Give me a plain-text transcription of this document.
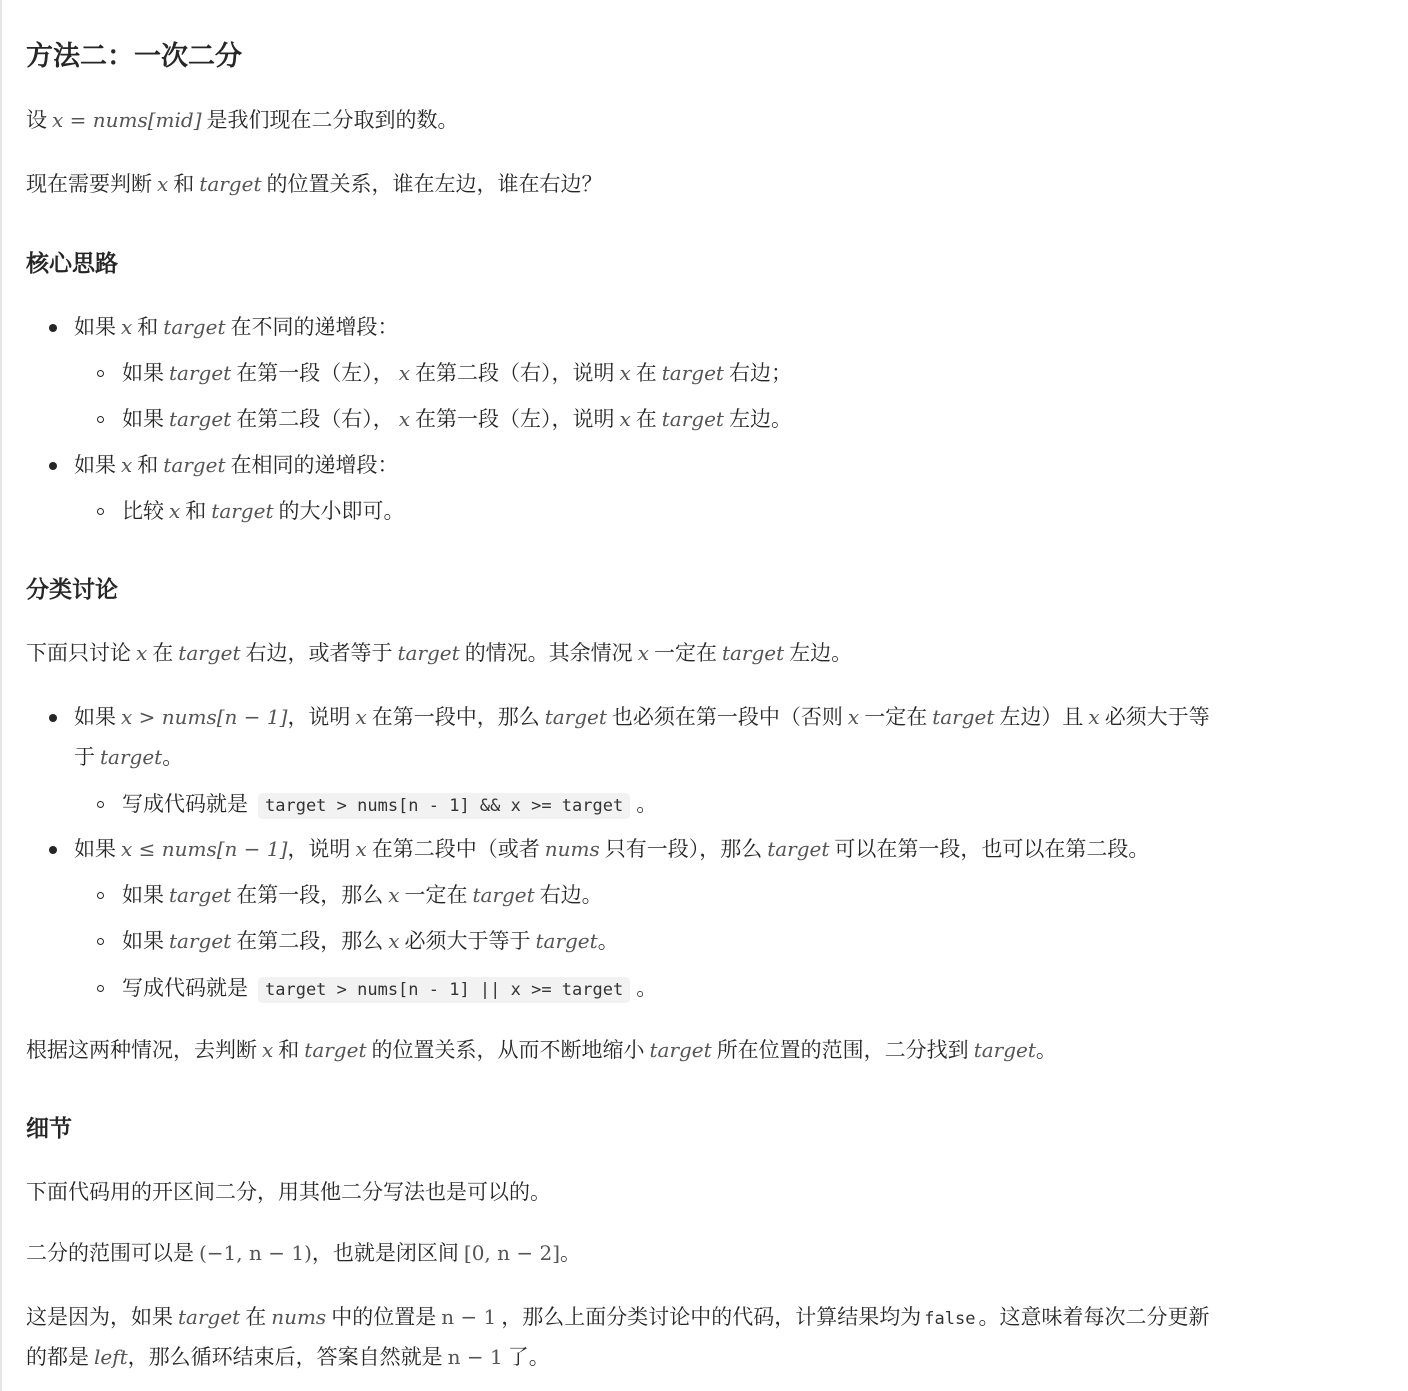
方法二：一次二分
设 x = nums[mid] 是我们现在二分取到的数。
现在需要判断 x 和 target 的位置关系，谁在左边，谁在右边？
核心思路
如果 x 和 target 在不同的递增段：
如果 target 在第一段（左）， x 在第二段（右），说明 x 在 target 右边；
如果 target 在第二段（右）， x 在第一段（左），说明 x 在 target 左边。
如果 x 和 target 在相同的递增段：
比较 x 和 target 的大小即可。
分类讨论
下面只讨论 x 在 target 右边，或者等于 target 的情况。其余情况 x 一定在 target 左边。
如果 x > nums[n − 1]，说明 x 在第一段中，那么 target 也必须在第一段中（否则 x 一定在 target 左边）且 x 必须大于等
于 target。
写成代码就是 target > nums[n - 1] && x >= target 。
如果 x ≤ nums[n − 1]，说明 x 在第二段中（或者 nums 只有一段），那么 target 可以在第一段，也可以在第二段。
如果 target 在第一段，那么 x 一定在 target 右边。
如果 target 在第二段，那么 x 必须大于等于 target。
写成代码就是 target > nums[n - 1] || x >= target 。
根据这两种情况，去判断 x 和 target 的位置关系，从而不断地缩小 target 所在位置的范围，二分找到 target。
细节
下面代码用的开区间二分，用其他二分写法也是可以的。
二分的范围可以是 (−1, n − 1)，也就是闭区间 [0, n − 2]。
这是因为，如果 target 在 nums 中的位置是 n − 1 ，那么上面分类讨论中的代码，计算结果均为 false 。这意味着每次二分更新
的都是 left，那么循环结束后，答案自然就是 n − 1 了。
